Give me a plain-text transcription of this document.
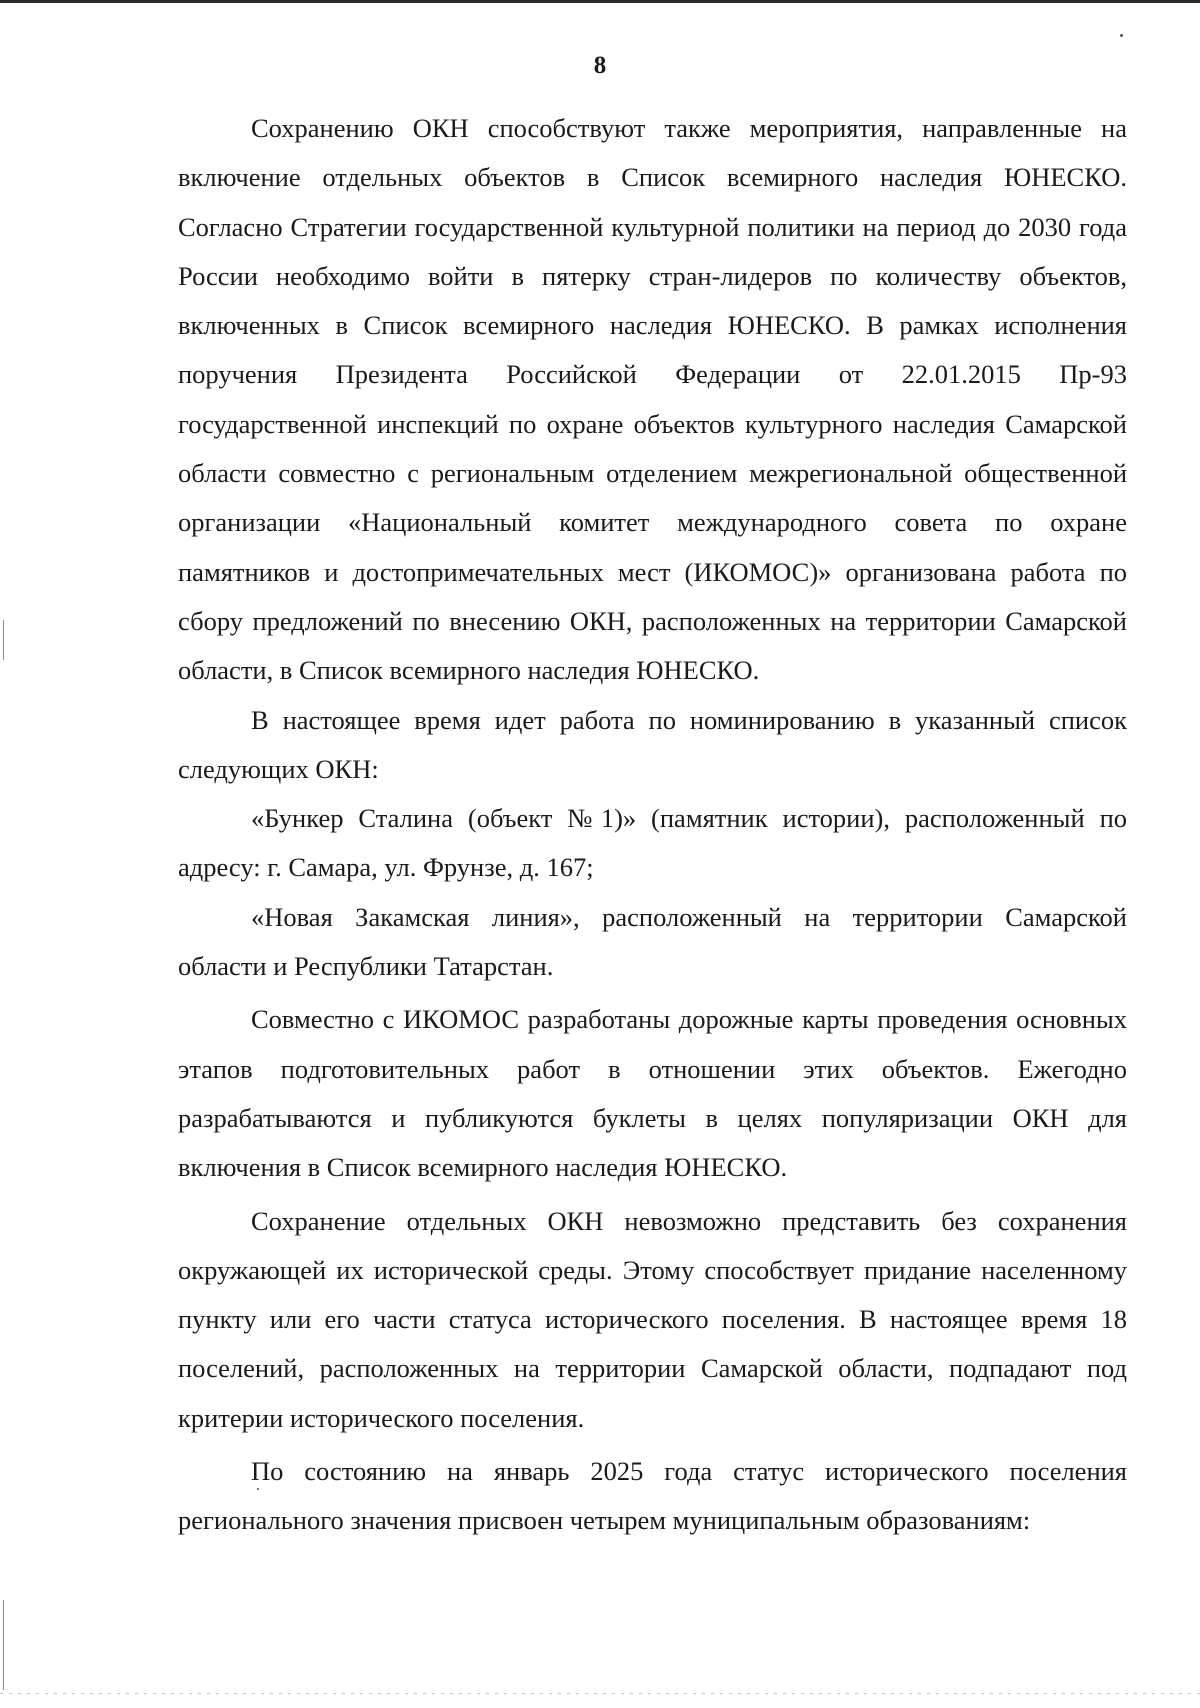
8

Сохранению ОКН способствуют также мероприятия, направленные на включение отдельных объектов в Список всемирного наследия ЮНЕСКО. Согласно Стратегии государственной культурной политики на период до 2030 года России необходимо войти в пятерку стран-лидеров по количеству объектов, включенных в Список всемирного наследия ЮНЕСКО. В рамках исполнения поручения Президента Российской Федерации от 22.01.2015 Пр-93 государственной инспекций по охране объектов культурного наследия Самарской области совместно с региональным отделением межрегиональной общественной организации «Национальный комитет международного совета по охране памятников и достопримечательных мест (ИКОМОС)» организована работа по сбору предложений по внесению ОКН, расположенных на территории Самарской области, в Список всемирного наследия ЮНЕСКО.

В настоящее время идет работа по номинированию в указанный список следующих ОКН:

«Бункер Сталина (объект №1)» (памятник истории), расположенный по адресу: г. Самара, ул. Фрунзе, д. 167;

«Новая Закамская линия», расположенный на территории Самарской области и Республики Татарстан.

Совместно с ИКОМОС разработаны дорожные карты проведения основных этапов подготовительных работ в отношении этих объектов. Ежегодно разрабатываются и публикуются буклеты в целях популяризации ОКН для включения в Список всемирного наследия ЮНЕСКО.

Сохранение отдельных ОКН невозможно представить без сохранения окружающей их исторической среды. Этому способствует придание населенному пункту или его части статуса исторического поселения. В настоящее время 18 поселений, расположенных на территории Самарской области, подпадают под критерии исторического поселения.

По состоянию на январь 2025 года статус исторического поселения регионального значения присвоен четырем муниципальным образованиям:
